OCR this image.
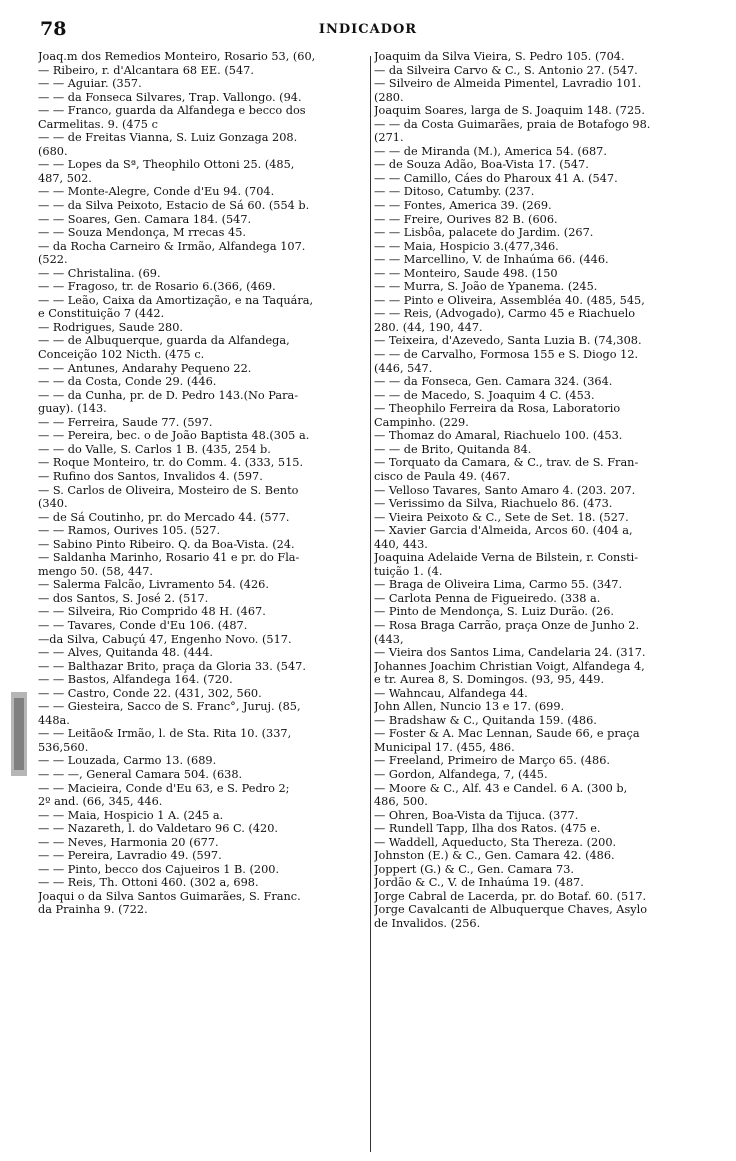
78	INDICADOR
Joaq.m dos Remedios Monteiro, Rosario 53, (60,
— Ribeiro, r. d'Alcantara 68 EE. (547.
— — Aguiar. (357.
— — da Fonseca Silvares, Trap. Vallongo. (94.
— — Franco, guarda da Alfandega e becco dos
Carmelitas. 9. (475 c
— — de Freitas Vianna, S. Luiz Gonzaga 208.
(680.
— — Lopes da Sª, Theophilo Ottoni 25. (485,
487, 502.
— — Monte-Alegre, Conde d'Eu 94. (704.
— — da Silva Peixoto, Estacio de Sá 60. (554 b.
— — Soares, Gen. Camara 184. (547.
— — Souza Mendonça, M rrecas 45.
— da Rocha Carneiro & Irmão, Alfandega 107.
(522.
— — Christalina. (69.
— — Fragoso, tr. de Rosario 6.(366, (469.
— — Leão, Caixa da Amortização, e na Taquára,
e Constituição 7 (442.
— Rodrigues, Saude 280.
— — de Albuquerque, guarda da Alfandega,
Conceição 102 Nicth. (475 c.
— — Antunes, Andarahy Pequeno 22.
— — da Costa, Conde 29. (446.
— — da Cunha, pr. de D. Pedro 143.(No Para-
guay). (143.
— — Ferreira, Saude 77. (597.
— — Pereira, bec. o de João Baptista 48.(305 a.
— — do Valle, S. Carlos 1 B. (435, 254 b.
— Roque Monteiro, tr. do Comm. 4. (333, 515.
— Rufino dos Santos, Invalidos 4. (597.
— S. Carlos de Oliveira, Mosteiro de S. Bento
(340.
— de Sá Coutinho, pr. do Mercado 44. (577.
— — Ramos, Ourives 105. (527.
— Sabino Pinto Ribeiro. Q. da Boa-Vista. (24.
— Saldanha Marinho, Rosario 41 e pr. do Fla-
mengo 50. (58, 447.
— Salerma Falcão, Livramento 54. (426.
— dos Santos, S. José 2. (517.
— — Silveira, Rio Comprido 48 H. (467.
— — Tavares, Conde d'Eu 106. (487.
—da Silva, Cabuçú 47, Engenho Novo. (517.
— — Alves, Quitanda 48. (444.
— — Balthazar Brito, praça da Gloria 33. (547.
— — Bastos, Alfandega 164. (720.
— — Castro, Conde 22. (431, 302, 560.
— — Giesteira, Sacco de S. Franc°, Juruj. (85,
448a.
— — Leitão& Irmão, l. de Sta. Rita 10. (337,
536,560.
— — Louzada, Carmo 13. (689.
— — —, General Camara 504. (638.
— — Macieira, Conde d'Eu 63, e S. Pedro 2;
2º and. (66, 345, 446.
— — Maia, Hospicio 1 A. (245 a.
— — Nazareth, l. do Valdetaro 96 C. (420.
— — Neves, Harmonia 20 (677.
— — Pereira, Lavradio 49. (597.
— — Pinto, becco dos Cajueiros 1 B. (200.
— — Reis, Th. Ottoni 460. (302 a, 698.
Joaqui o da Silva Santos Guimarães, S. Franc.
da Prainha 9. (722.
Joaquim da Silva Vieira, S. Pedro 105. (704.
— da Silveira Carvo & C., S. Antonio 27. (547.
— Silveiro de Almeida Pimentel, Lavradio 101.
(280.
Joaquim Soares, larga de S. Joaquim 148. (725.
— — da Costa Guimarães, praia de Botafogo 98.
(271.
— — de Miranda (M.), America 54. (687.
— de Souza Adão, Boa-Vista 17. (547.
— — Camillo, Cáes do Pharoux 41 A. (547.
— — Ditoso, Catumby. (237.
— — Fontes, America 39. (269.
— — Freire, Ourives 82 B. (606.
— — Lisbôa, palacete do Jardim. (267.
— — Maia, Hospicio 3.(477,346.
— — Marcellino, V. de Inhaúma 66. (446.
— — Monteiro, Saude 498. (150
— — Murra, S. João de Ypanema. (245.
— — Pinto e Oliveira, Assembléa 40. (485, 545,
— — Reis, (Advogado), Carmo 45 e Riachuelo
280. (44, 190, 447.
— Teixeira, d'Azevedo, Santa Luzia B. (74,308.
— — de Carvalho, Formosa 155 e S. Diogo 12.
(446, 547.
— — da Fonseca, Gen. Camara 324. (364.
— — de Macedo, S. Joaquim 4 C. (453.
— Theophilo Ferreira da Rosa, Laboratorio
Campinho. (229.
— Thomaz do Amaral, Riachuelo 100. (453.
— — de Brito, Quitanda 84.
— Torquato da Camara, & C., trav. de S. Fran-
cisco de Paula 49. (467.
— Velloso Tavares, Santo Amaro 4. (203. 207.
— Verissimo da Silva, Riachuelo 86. (473.
— Vieira Peixoto & C., Sete de Set. 18. (527.
— Xavier Garcia d'Almeida, Arcos 60. (404 a,
440, 443.
Joaquina Adelaide Verna de Bilstein, r. Consti-
tuição 1. (4.
— Braga de Oliveira Lima, Carmo 55. (347.
— Carlota Penna de Figueiredo. (338 a.
— Pinto de Mendonça, S. Luiz Durão. (26.
— Rosa Braga Carrão, praça Onze de Junho 2.
(443,
— Vieira dos Santos Lima, Candelaria 24. (317.
Johannes Joachim Christian Voigt, Alfandega 4,
e tr. Aurea 8, S. Domingos. (93, 95, 449.
— Wahncau, Alfandega 44.
John Allen, Nuncio 13 e 17. (699.
— Bradshaw & C., Quitanda 159. (486.
— Foster & A. Mac Lennan, Saude 66, e praça
Municipal 17. (455, 486.
— Freeland, Primeiro de Março 65. (486.
— Gordon, Alfandega, 7, (445.
— Moore & C., Alf. 43 e Candel. 6 A. (300 b,
486, 500.
— Ohren, Boa-Vista da Tijuca. (377.
— Rundell Tapp, Ilha dos Ratos. (475 e.
— Waddell, Aqueducto, Sta Thereza. (200.
Johnston (E.) & C., Gen. Camara 42. (486.
Joppert (G.) & C., Gen. Camara 73.
Jordão & C., V. de Inhaúma 19. (487.
Jorge Cabral de Lacerda, pr. do Botaf. 60. (517.
Jorge Cavalcanti de Albuquerque Chaves, Asylo
de Invalidos. (256.
